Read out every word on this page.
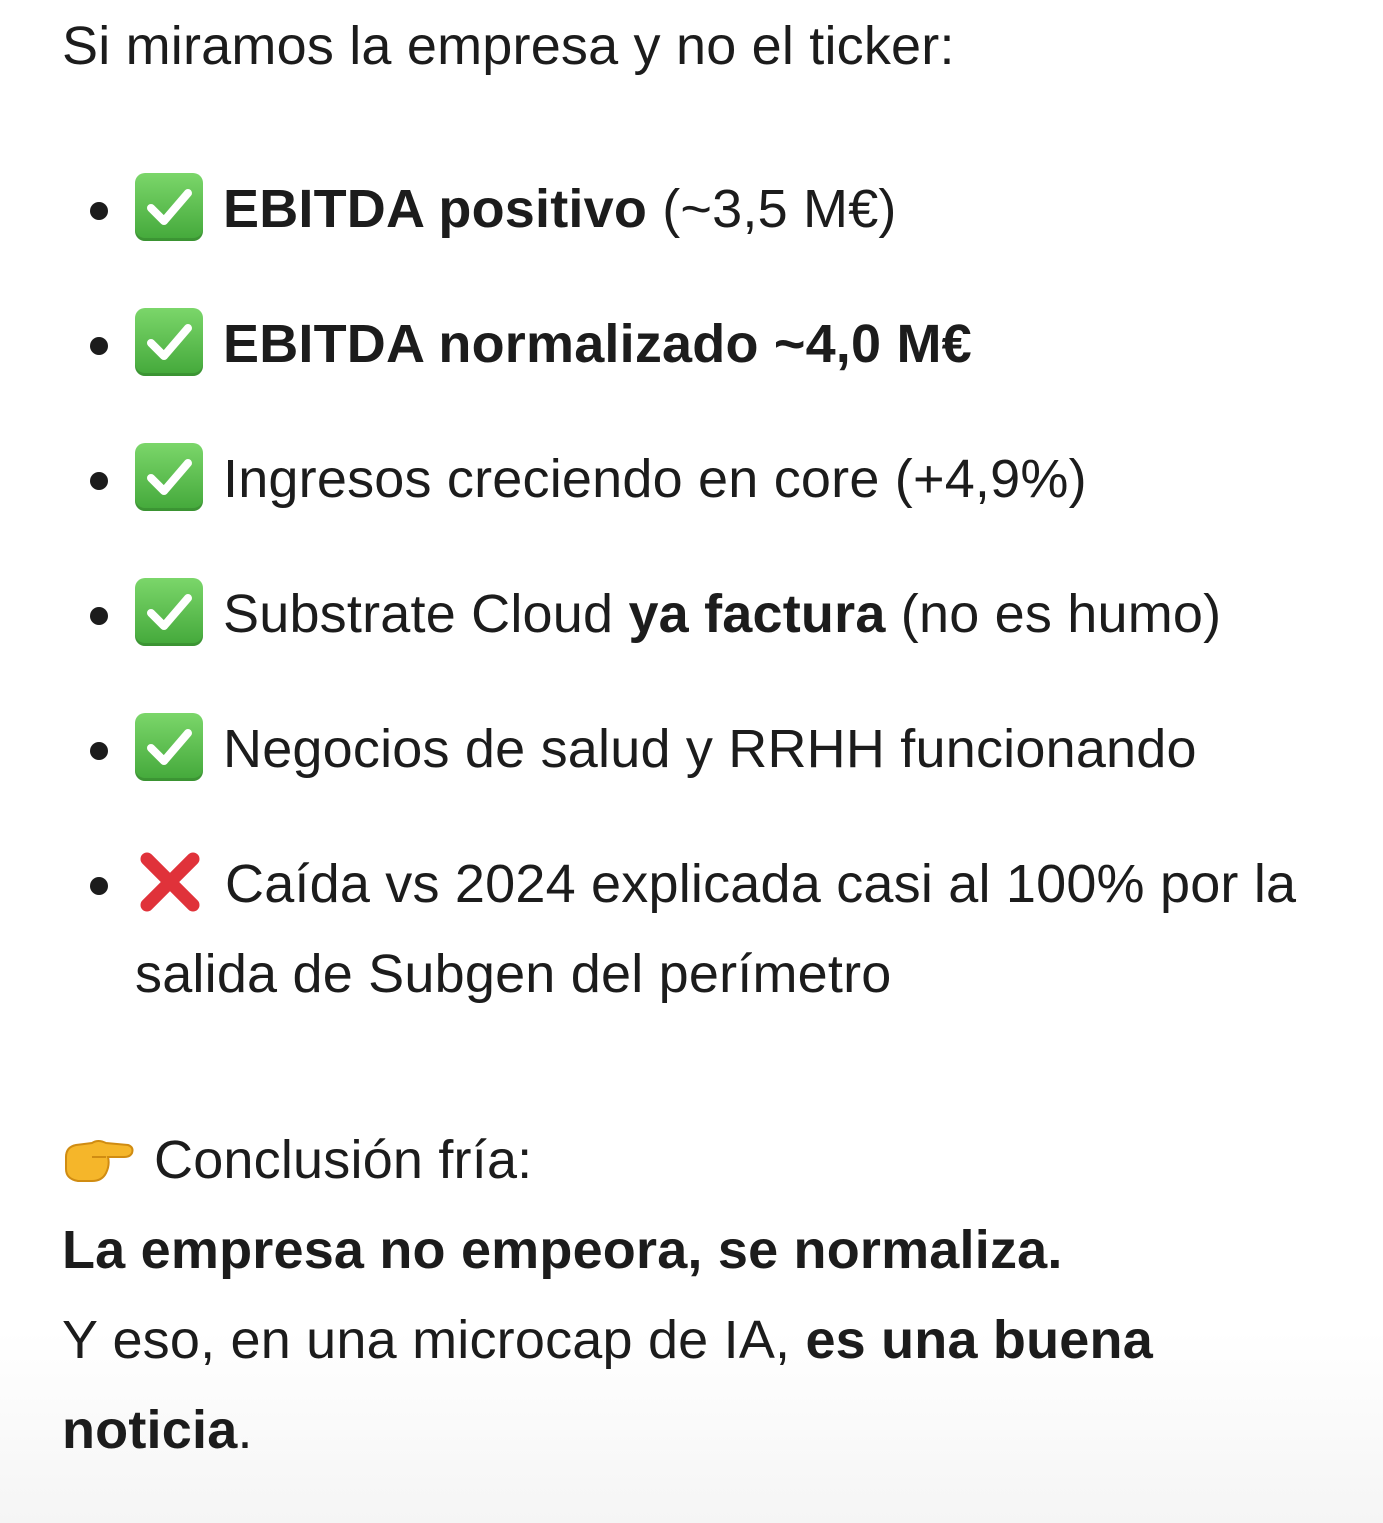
Si miramos la empresa y no el ticker:

EBITDA positivo (~3,5 M€)
EBITDA normalizado ~4,0 M€
Ingresos creciendo en core (+4,9%)
Substrate Cloud ya factura (no es humo)
Negocios de salud y RRHH funcionando
Caída vs 2024 explicada casi al 100% por la salida de Subgen del perímetro

Conclusión fría:

La empresa no empeora, se normaliza.

Y eso, en una microcap de IA, es una buena noticia.
